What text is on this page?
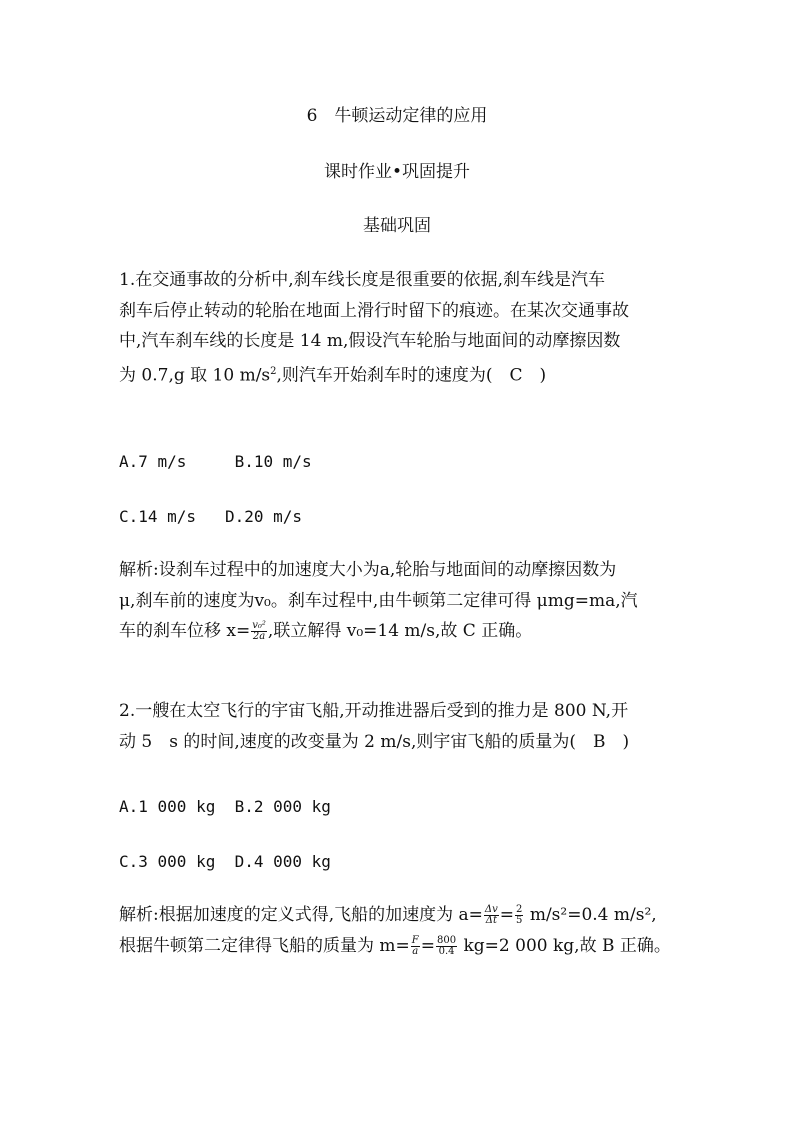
6　牛顿运动定律的应用
课时作业•巩固提升
基础巩固
1.在交通事故的分析中,刹车线长度是很重要的依据,刹车线是汽车
刹车后停止转动的轮胎在地面上滑行时留下的痕迹。在某次交通事故
中,汽车刹车线的长度是 14 m,假设汽车轮胎与地面间的动摩擦因数
为 0.7,g 取 10 $m/s^2$,则汽车开始刹车时的速度为(　C　)
A.7 m/s	B.10 m/s
C.14 m/s D.20 m/s
解析:设刹车过程中的加速度大小为a,轮胎与地面间的动摩擦因数为
μ,刹车前的速度为v₀。刹车过程中,由牛顿第二定律可得 μmg=ma,汽
车的刹车位移 $x= \frac{\text{v₀²}}{2a}$ ,联立解得 v₀=14 m/s,故 C 正确。
2.一艘在太空飞行的宇宙飞船,开动推进器后受到的推力是 800 N,开
动 5　s 的时间,速度的改变量为 2 m/s,则宇宙飞船的质量为(　B　)
A.1 000 kg B.2 000 kg
C.3 000 kg D.4 000 kg
解析:根据加速度的定义式得,飞船的加速度为 $a= \frac{\Delta v}{\Delta t} = \frac{2}{5} m/s^2=0.4$ m/s²,
根据牛顿第二定律得飞船的质量为 $m= \frac{F}{a} = \frac{800}{0.4} kg=2$ 000 kg,故 B 正确。
